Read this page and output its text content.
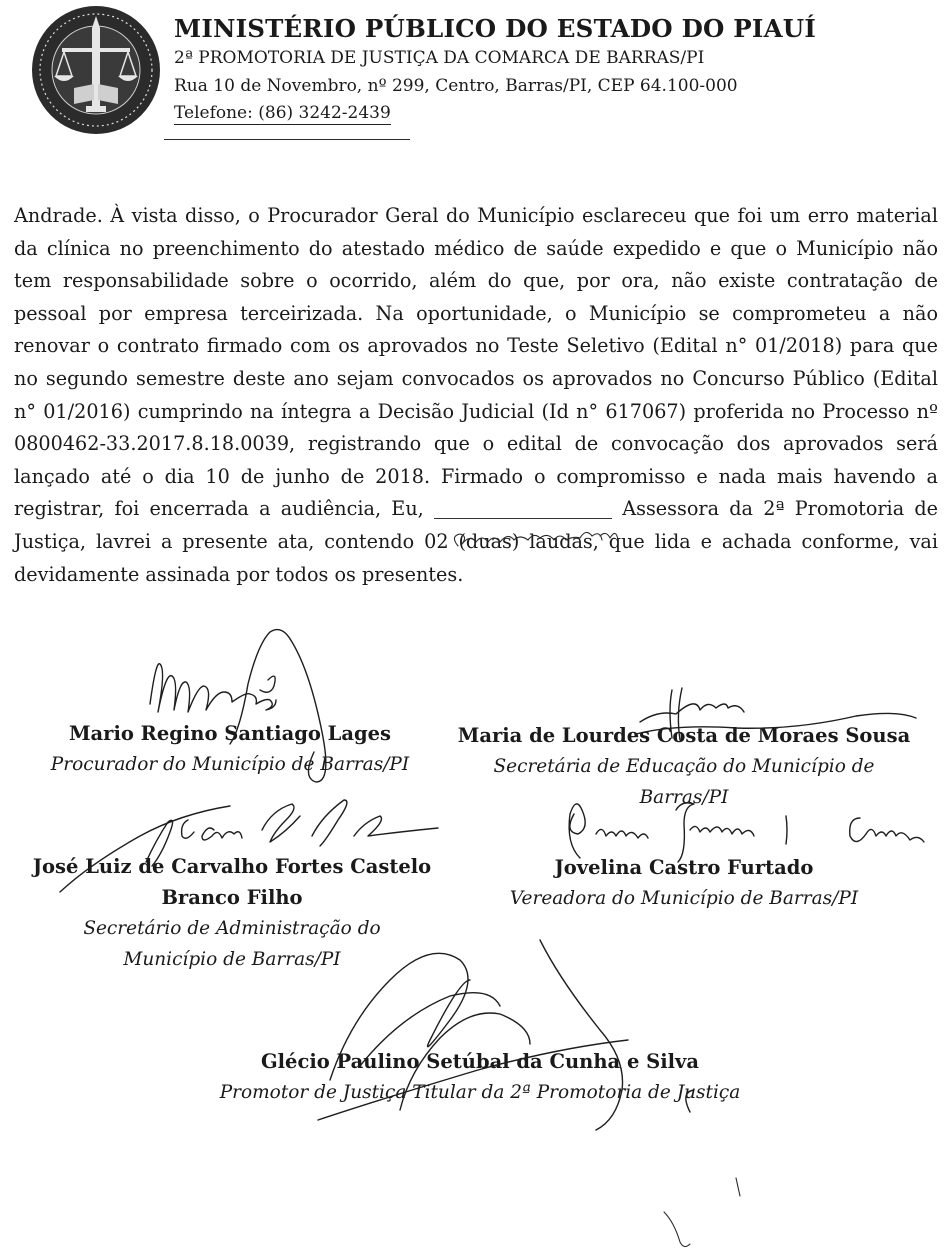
MINISTÉRIO PÚBLICO DO ESTADO DO PIAUÍ

2ª PROMOTORIA DE JUSTIÇA DA COMARCA DE BARRAS/PI

Rua 10 de Novembro, nº 299, Centro, Barras/PI, CEP 64.100-000

Telefone: (86) 3242-2439

Andrade. À vista disso, o Procurador Geral do Município esclareceu que foi um erro material da clínica no preenchimento do atestado médico de saúde expedido e que o Município não tem responsabilidade sobre o ocorrido, além do que, por ora, não existe contratação de pessoal por empresa terceirizada. Na oportunidade, o Município se comprometeu a não renovar o contrato firmado com os aprovados no Teste Seletivo (Edital n° 01/2018) para que no segundo semestre deste ano sejam convocados os aprovados no Concurso Público (Edital n° 01/2016) cumprindo na íntegra a Decisão Judicial (Id n° 617067) proferida no Processo nº 0800462-33.2017.8.18.0039, registrando que o edital de convocação dos aprovados será lançado até o dia 10 de junho de 2018. Firmado o compromisso e nada mais havendo a registrar, foi encerrada a audiência, Eu,	Assessora da 2ª Promotoria de Justiça, lavrei a presente ata, contendo 02 (duas) laudas, que lida e achada conforme, vai devidamente assinada por todos os presentes.

Mario Regino Santiago Lages
Procurador do Município de Barras/PI
Maria de Lourdes Costa de Moraes Sousa
Secretária de Educação do Município de
Barras/PI
José Luiz de Carvalho Fortes Castelo
Branco Filho
Secretário de Administração do
Município de Barras/PI
Jovelina Castro Furtado
Vereadora do Município de Barras/PI
Glécio Paulino Setúbal da Cunha e Silva
Promotor de Justiça Titular da 2ª Promotoria de Justiça
